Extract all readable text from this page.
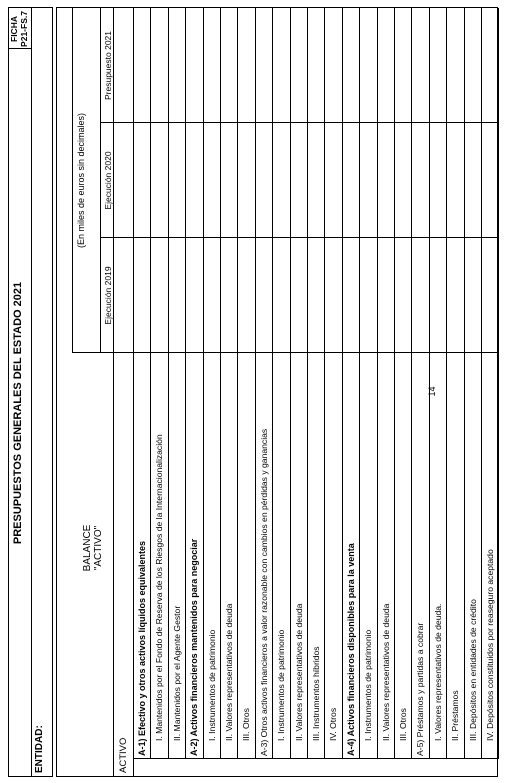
PRESUPUESTOS GENERALES DEL ESTADO 2021
FICHA P21-FS.7
ENTIDAD:
BALANCE "ACTIVO"
(En miles de euros sin decimales)
Ejecución 2019
Ejecución 2020
Presupuesto 2021
A-1) Efectivo y otros activos líquidos equivalentes I. Mantenidos por el Fondo de Reserva de los Riesgos de la Internacionalización II. Mantenidos por el Agente Gestor A-2) Activos financieros mantenidos para negociar I. Instrumentos de patrimonio II. Valores representativos de deuda III. Otros A-3) Otros activos financieros a valor razonable con cambios en pérdidas y ganancias I. Instrumentos de patrimonio II. Valores representativos de deuda III. Instrumentos híbridos IV. Otros A-4) Activos financieros disponibles para la venta I. Instrumentos de patrimonio II. Valores representativos de deuda III. Otros A-5) Préstamos y partidas a cobrar I. Valores representativos de deuda. II. Préstamos III. Depósitos en entidades de crédito IV. Depósitos constituidos por reaseguro aceptado
ACTIVO
14
